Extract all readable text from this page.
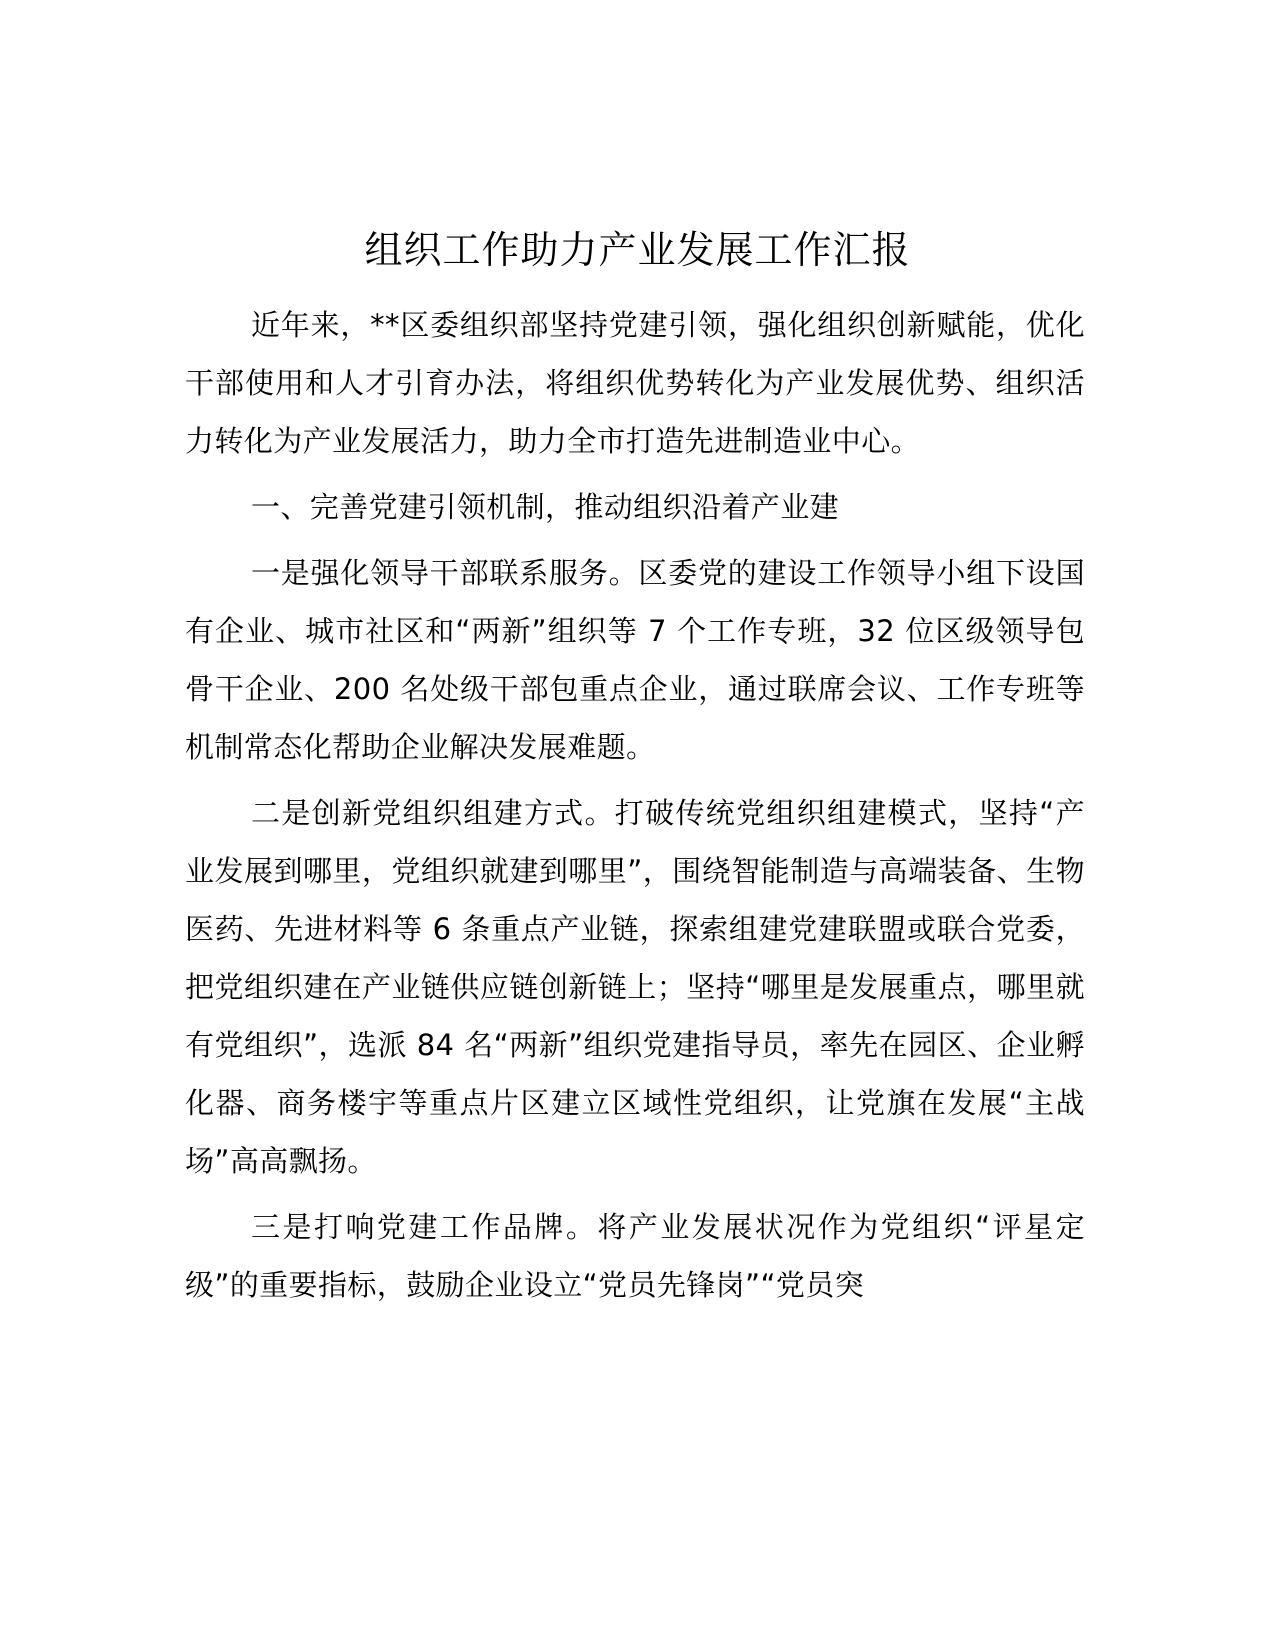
组织工作助力产业发展工作汇报

近年来，**区委组织部坚持党建引领，强化组织创新赋能，优化干部使用和人才引育办法，将组织优势转化为产业发展优势、组织活力转化为产业发展活力，助力全市打造先进制造业中心。

一、完善党建引领机制，推动组织沿着产业建

一是强化领导干部联系服务。区委党的建设工作领导小组下设国有企业、城市社区和“两新”组织等 7 个工作专班，32 位区级领导包骨干企业、200 名处级干部包重点企业，通过联席会议、工作专班等机制常态化帮助企业解决发展难题。

二是创新党组织组建方式。打破传统党组织组建模式，坚持“产业发展到哪里，党组织就建到哪里”，围绕智能制造与高端装备、生物医药、先进材料等 6 条重点产业链，探索组建党建联盟或联合党委，把党组织建在产业链供应链创新链上；坚持“哪里是发展重点，哪里就有党组织”，选派 84 名“两新”组织党建指导员，率先在园区、企业孵化器、商务楼宇等重点片区建立区域性党组织，让党旗在发展“主战场”高高飘扬。

三是打响党建工作品牌。将产业发展状况作为党组织“评星定级”的重要指标，鼓励企业设立“党员先锋岗”“党员突
